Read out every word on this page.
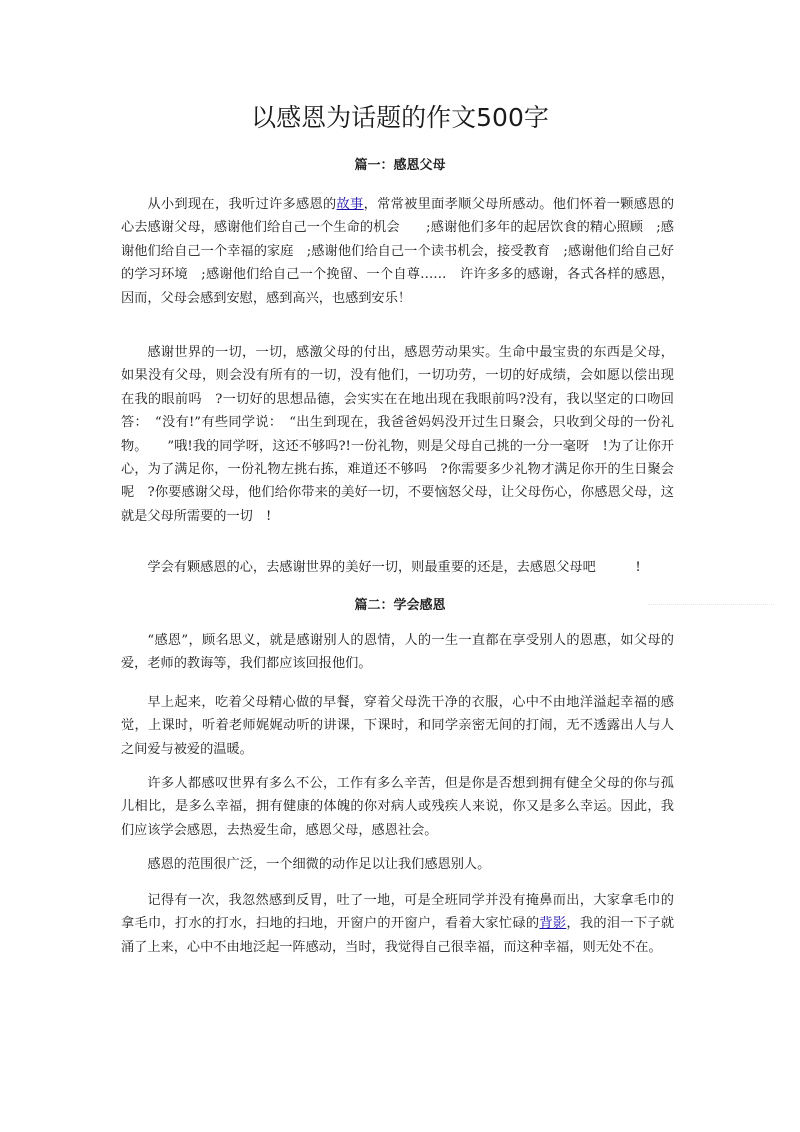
以感恩为话题的作文500字
篇一：感恩父母

从小到现在，我听过许多感恩的故事，常常被里面孝顺父母所感动。他们怀着一颗感恩的心去感谢父母，感谢他们给自己一个生命的机会　　;感谢他们多年的起居饮食的精心照顾　;感谢他们给自己一个幸福的家庭　;感谢他们给自己一个读书机会，接受教育　;感谢他们给自己好的学习环境　;感谢他们给自己一个挽留、一个自尊……　许许多多的感谢，各式各样的感恩，因而，父母会感到安慰，感到高兴，也感到安乐！

感谢世界的一切，一切，感激父母的付出，感恩劳动果实。生命中最宝贵的东西是父母，如果没有父母，则会没有所有的一切，没有他们，一切功劳，一切的好成绩，会如愿以偿出现在我的眼前吗　?一切好的思想品德，会实实在在地出现在我眼前吗?没有，我以坚定的口吻回答：　“没有!”有些同学说：　“出生到现在，我爸爸妈妈没开过生日聚会，只收到父母的一份礼物。　　”哦!我的同学呀，这还不够吗?!一份礼物，则是父母自己挑的一分一毫呀　!为了让你开心，为了满足你，一份礼物左挑右拣，难道还不够吗　?你需要多少礼物才满足你开的生日聚会呢　?你要感谢父母，他们给你带来的美好一切，不要恼怒父母，让父母伤心，你感恩父母，这就是父母所需要的一切　!

学会有颗感恩的心，去感谢世界的美好一切，则最重要的还是，去感恩父母吧　　　!

篇二：学会感恩

“感恩”，顾名思义，就是感谢别人的恩情，人的一生一直都在享受别人的恩惠，如父母的爱，老师的教诲等，我们都应该回报他们。

早上起来，吃着父母精心做的早餐，穿着父母洗干净的衣服，心中不由地洋溢起幸福的感觉，上课时，听着老师娓娓动听的讲课，下课时，和同学亲密无间的打闹，无不透露出人与人之间爱与被爱的温暖。

许多人都感叹世界有多么不公，工作有多么辛苦，但是你是否想到拥有健全父母的你与孤儿相比，是多么幸福，拥有健康的体魄的你对病人或残疾人来说，你又是多么幸运。因此，我们应该学会感恩，去热爱生命，感恩父母，感恩社会。

感恩的范围很广泛，一个细微的动作足以让我们感恩别人。

记得有一次，我忽然感到反胃，吐了一地，可是全班同学并没有掩鼻而出，大家拿毛巾的拿毛巾，打水的打水，扫地的扫地，开窗户的开窗户，看着大家忙碌的背影，我的泪一下子就涌了上来，心中不由地泛起一阵感动，当时，我觉得自己很幸福，而这种幸福，则无处不在。
